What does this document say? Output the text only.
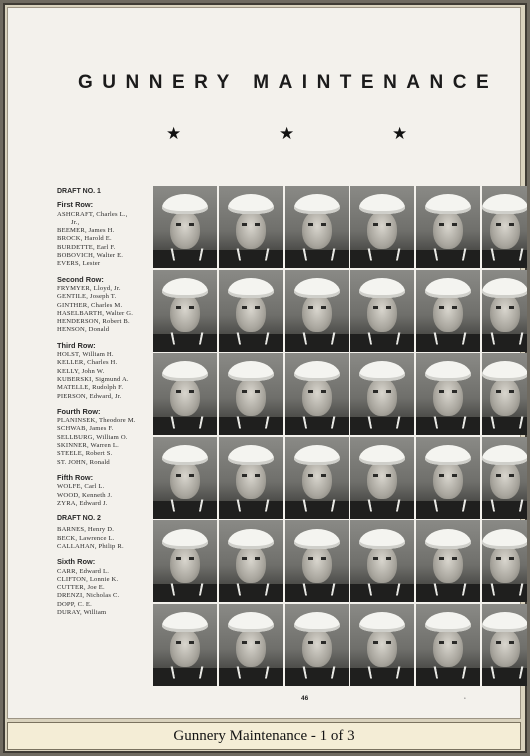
GUNNERY MAINTENANCE
★	★	★
DRAFT NO. 1
First Row:
ASHCRAFT, Charles L.,
Jr.,
BEEMER, James H.
BROCK, Harold E.
BURDETTE, Earl F.
BOBOVICH, Walter E.
EVERS, Lester
Second Row:
FRYMYER, Lloyd, Jr.
GENTILE, Joseph T.
GINTHER, Charles M.
HASELBARTH, Walter G.
HENDERSON, Robert B.
HENSON, Donald
Third Row:
HOLST, William H.
KELLER, Charles H.
KELLY, John W.
KUBERSKI, Sigmund A.
MATELLE, Rudolph F.
PIERSON, Edward, Jr.
Fourth Row:
PLANINSEK, Theodore M.
SCHWAB, James F.
SELLBURG, William O.
SKINNER, Warren L.
STEELE, Robert S.
ST. JOHN, Ronald
Fifth Row:
WOLFE, Carl L.
WOOD, Kenneth J.
ZYRA, Edward J.
DRAFT NO. 2
BARNES, Henry D.
BECK, Lawrence L.
CALLAHAN, Philip R.
Sixth Row:
CARR, Edward L.
CLIFTON, Lonnie K.
CUTTER, Joe E.
DRENZI, Nicholas C.
DOPP, C. E.
DURAY, William
46	•
Gunnery Maintenance - 1 of 3
